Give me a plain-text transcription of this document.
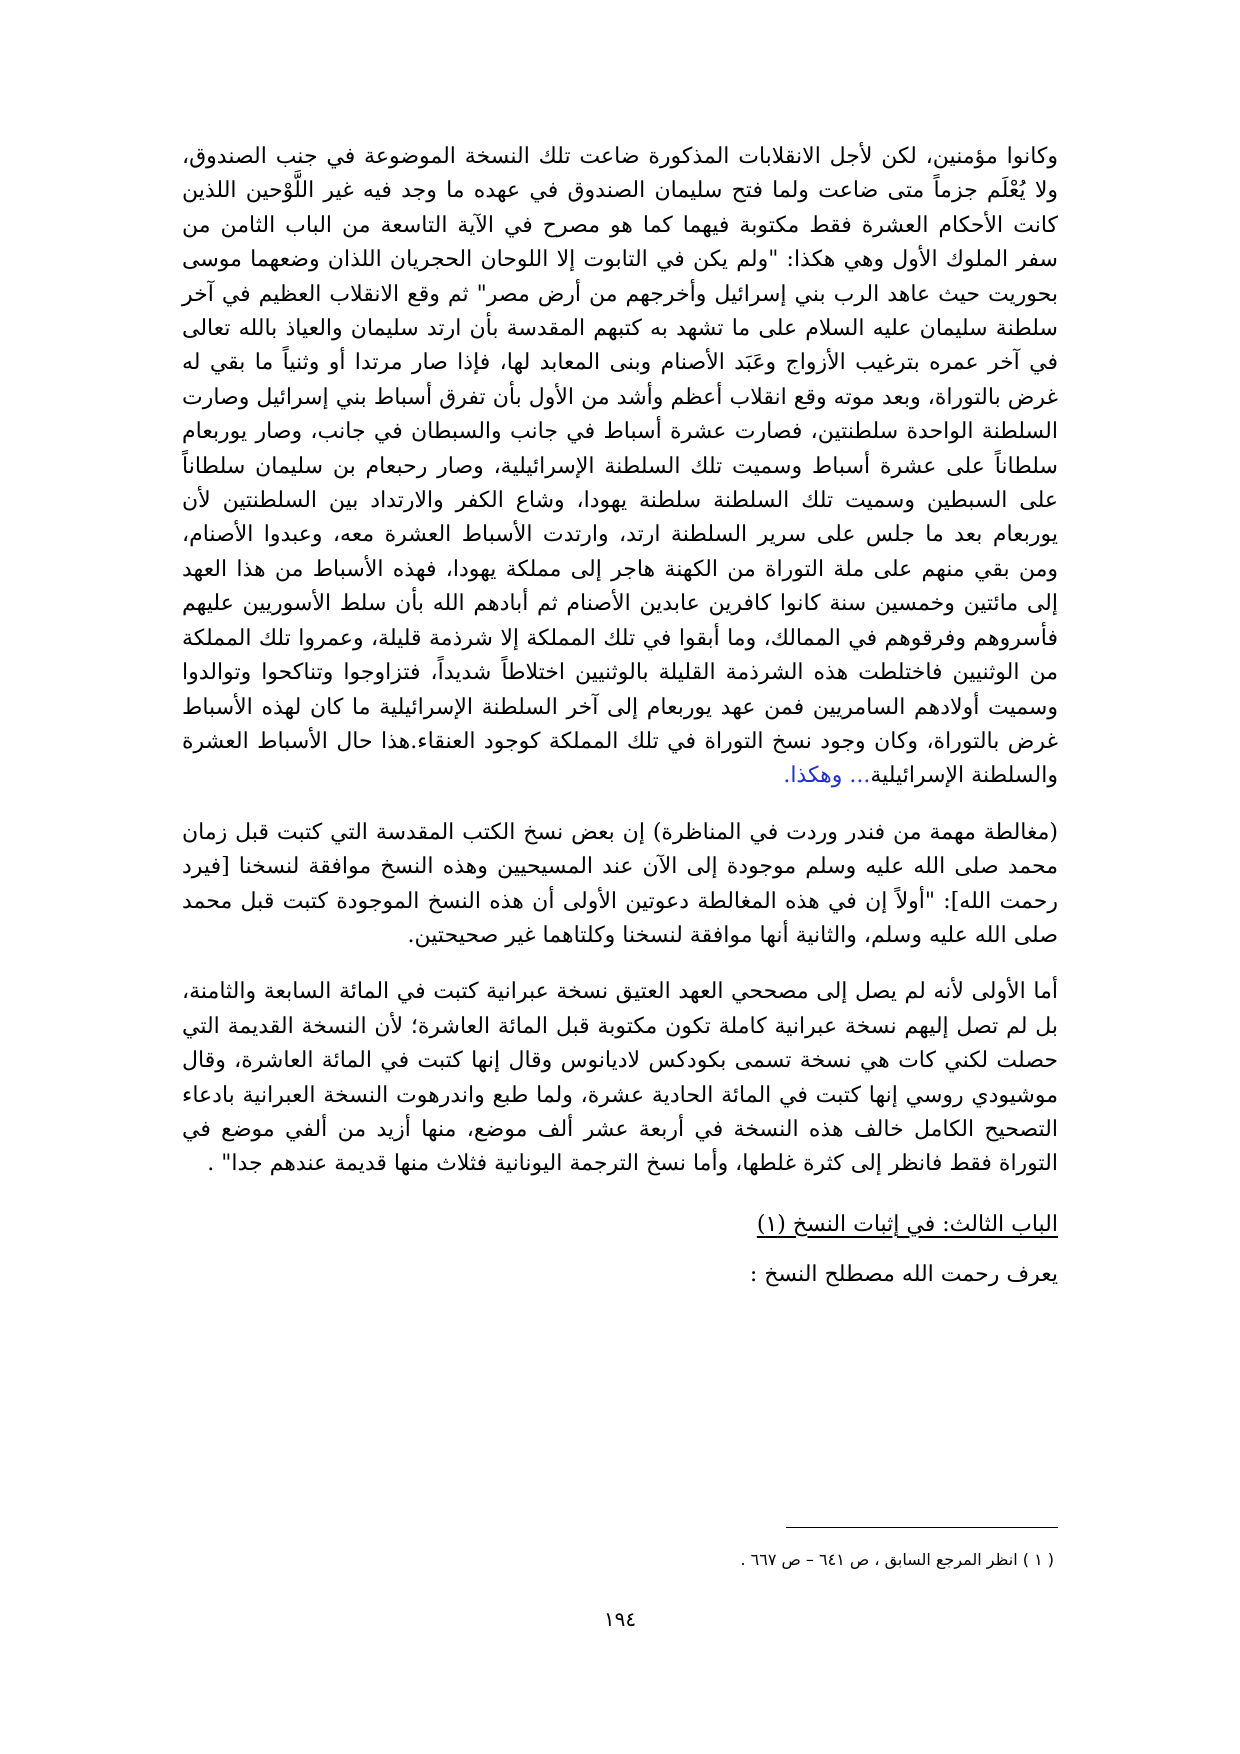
وكانوا مؤمنين، لكن لأجل الانقلابات المذكورة ضاعت تلك النسخة الموضوعة في جنب الصندوق، ولا يُعْلَم جزماً متى ضاعت ولما فتح سليمان الصندوق في عهده ما وجد فيه غير اللَّوْحين اللذين كانت الأحكام العشرة فقط مكتوبة فيهما كما هو مصرح في الآية التاسعة من الباب الثامن من سفر الملوك الأول وهي هكذا: "ولم يكن في التابوت إلا اللوحان الحجريان اللذان وضعهما موسى بحوريت حيث عاهد الرب بني إسرائيل وأخرجهم من أرض مصر" ثم وقع الانقلاب العظيم في آخر سلطنة سليمان عليه السلام على ما تشهد به كتبهم المقدسة بأن ارتد سليمان والعياذ بالله تعالى في آخر عمره بترغيب الأزواج وعَبَد الأصنام وبنى المعابد لها، فإذا صار مرتدا أو وثنياً ما بقي له غرض بالتوراة، وبعد موته وقع انقلاب أعظم وأشد من الأول بأن تفرق أسباط بني إسرائيل وصارت السلطنة الواحدة سلطنتين، فصارت عشرة أسباط في جانب والسبطان في جانب، وصار يوربعام سلطاناً على عشرة أسباط وسميت تلك السلطنة الإسرائيلية، وصار رحبعام بن سليمان سلطاناً على السبطين وسميت تلك السلطنة سلطنة يهودا، وشاع الكفر والارتداد بين السلطنتين لأن يوربعام بعد ما جلس على سرير السلطنة ارتد، وارتدت الأسباط العشرة معه، وعبدوا الأصنام، ومن بقي منهم على ملة التوراة من الكهنة هاجر إلى مملكة يهودا، فهذه الأسباط من هذا العهد إلى مائتين وخمسين سنة كانوا كافرين عابدين الأصنام ثم أبادهم الله بأن سلط الأسوريين عليهم فأسروهم وفرقوهم في الممالك، وما أبقوا في تلك المملكة إلا شرذمة قليلة، وعمروا تلك المملكة من الوثنيين فاختلطت هذه الشرذمة القليلة بالوثنيين اختلاطاً شديداً، فتزاوجوا وتناكحوا وتوالدوا وسميت أولادهم السامريين فمن عهد يوربعام إلى آخر السلطنة الإسرائيلية ما كان لهذه الأسباط غرض بالتوراة، وكان وجود نسخ التوراة في تلك المملكة كوجود العنقاء.هذا حال الأسباط العشرة والسلطنة الإسرائيلية... وهكذا.

(مغالطة مهمة من فندر وردت في المناظرة) إن بعض نسخ الكتب المقدسة التي كتبت قبل زمان محمد صلى الله عليه وسلم موجودة إلى الآن عند المسيحيين وهذه النسخ موافقة لنسخنا [فيرد رحمت الله]: "أولاً إن في هذه المغالطة دعوتين الأولى أن هذه النسخ الموجودة كتبت قبل محمد صلى الله عليه وسلم، والثانية أنها موافقة لنسخنا وكلتاهما غير صحيحتين.

أما الأولى لأنه لم يصل إلى مصححي العهد العتيق نسخة عبرانية كتبت في المائة السابعة والثامنة، بل لم تصل إليهم نسخة عبرانية كاملة تكون مكتوبة قبل المائة العاشرة؛ لأن النسخة القديمة التي حصلت لكني كات هي نسخة تسمى بكودكس لاديانوس وقال إنها كتبت في المائة العاشرة، وقال موشيودي روسي إنها كتبت في المائة الحادية عشرة، ولما طبع واندرهوت النسخة العبرانية بادعاء التصحيح الكامل خالف هذه النسخة في أربعة عشر ألف موضع، منها أزيد من ألفي موضع في التوراة فقط فانظر إلى كثرة غلطها، وأما نسخ الترجمة اليونانية فثلاث منها قديمة عندهم جدا" .

الباب الثالث: في إثبات النسخ (١)
يعرف رحمت الله مصطلح النسخ :
( ١ ) انظر المرجع السابق ، ص ٦٤١ – ص ٦٦٧ .
١٩٤
